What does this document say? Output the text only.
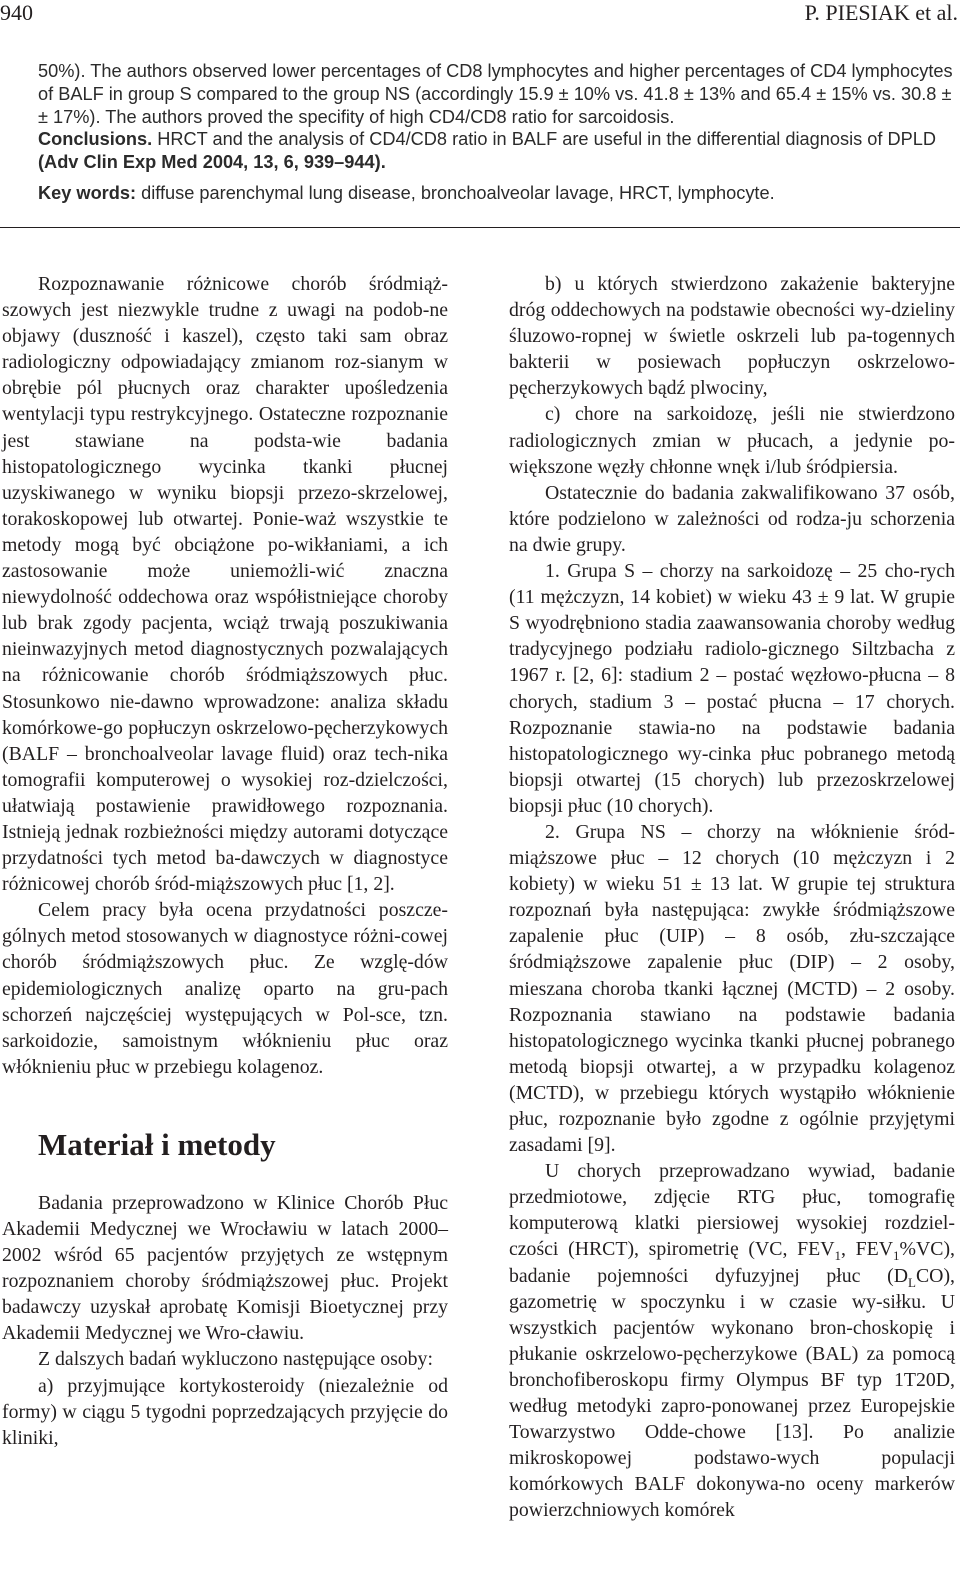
940	P. PIESIAK et al.

50%). The authors observed lower percentages of CD8 lymphocytes and higher percentages of CD4 lymphocytes of BALF in group S compared to the group NS (accordingly 15.9 ± 10% vs. 41.8 ± 13% and 65.4 ± 15% vs. 30.8 ± ± 17%). The authors proved the specifity of high CD4/CD8 ratio for sarcoidosis.

Conclusions. HRCT and the analysis of CD4/CD8 ratio in BALF are useful in the differential diagnosis of DPLD (Adv Clin Exp Med 2004, 13, 6, 939–944).

Key words: diffuse parenchymal lung disease, bronchoalveolar lavage, HRCT, lymphocyte.

Rozpoznawanie różnicowe chorób śródmiąż-szowych jest niezwykle trudne z uwagi na podob-ne objawy (duszność i kaszel), często taki sam obraz radiologiczny odpowiadający zmianom roz-sianym w obrębie pól płucnych oraz charakter upośledzenia wentylacji typu restrykcyjnego. Ostateczne rozpoznanie jest stawiane na podsta-wie badania histopatologicznego wycinka tkanki płucnej uzyskiwanego w wyniku biopsji przezo-skrzelowej, torakoskopowej lub otwartej. Ponie-waż wszystkie te metody mogą być obciążone po-wikłaniami, a ich zastosowanie może uniemożli-wić znaczna niewydolność oddechowa oraz współistniejące choroby lub brak zgody pacjenta, wciąż trwają poszukiwania nieinwazyjnych metod diagnostycznych pozwalających na różnicowanie chorób śródmiąższowych płuc. Stosunkowo nie-dawno wprowadzone: analiza składu komórkowe-go popłuczyn oskrzelowo-pęcherzykowych (BALF – bronchoalveolar lavage fluid) oraz tech-nika tomografii komputerowej o wysokiej roz-dzielczości, ułatwiają postawienie prawidłowego rozpoznania. Istnieją jednak rozbieżności między autorami dotyczące przydatności tych metod ba-dawczych w diagnostyce różnicowej chorób śród-miąższowych płuc [1, 2].

Celem pracy była ocena przydatności poszcze-gólnych metod stosowanych w diagnostyce różni-cowej chorób śródmiąższowych płuc. Ze wzglę-dów epidemiologicznych analizę oparto na gru-pach schorzeń najczęściej występujących w Pol-sce, tzn. sarkoidozie, samoistnym włóknieniu płuc oraz włóknieniu płuc w przebiegu kolagenoz.

Materiał i metody

Badania przeprowadzono w Klinice Chorób Płuc Akademii Medycznej we Wrocławiu w latach 2000–2002 wśród 65 pacjentów przyjętych ze wstępnym rozpoznaniem choroby śródmiąższowej płuc. Projekt badawczy uzyskał aprobatę Komisji Bioetycznej przy Akademii Medycznej we Wro-cławiu.

Z dalszych badań wykluczono następujące osoby:

a) przyjmujące kortykosteroidy (niezależnie od formy) w ciągu 5 tygodni poprzedzających przyjęcie do kliniki,

b) u których stwierdzono zakażenie bakteryjne dróg oddechowych na podstawie obecności wy-dzieliny śluzowo-ropnej w świetle oskrzeli lub pa-togennych bakterii w posiewach popłuczyn oskrzelowo-pęcherzykowych bądź plwociny,

c) chore na sarkoidozę, jeśli nie stwierdzono radiologicznych zmian w płucach, a jedynie po-większone węzły chłonne wnęk i/lub śródpiersia.

Ostatecznie do badania zakwalifikowano 37 osób, które podzielono w zależności od rodza-ju schorzenia na dwie grupy.

1. Grupa S – chorzy na sarkoidozę – 25 cho-rych (11 mężczyzn, 14 kobiet) w wieku 43 ± 9 lat. W grupie S wyodrębniono stadia zaawansowania choroby według tradycyjnego podziału radiolo-gicznego Siltzbacha z 1967 r. [2, 6]: stadium 2 – postać węzłowo-płucna – 8 chorych, stadium 3 – postać płucna – 17 chorych. Rozpoznanie stawia-no na podstawie badania histopatologicznego wy-cinka płuc pobranego metodą biopsji otwartej (15 chorych) lub przezoskrzelowej biopsji płuc (10 chorych).

2. Grupa NS – chorzy na włóknienie śród-miąższowe płuc – 12 chorych (10 mężczyzn i 2 kobiety) w wieku 51 ± 13 lat. W grupie tej struktura rozpoznań była następująca: zwykłe śródmiąższowe zapalenie płuc (UIP) – 8 osób, złu-szczające śródmiąższowe zapalenie płuc (DIP) – 2 osoby, mieszana choroba tkanki łącznej (MCTD) – 2 osoby. Rozpoznania stawiano na podstawie badania histopatologicznego wycinka tkanki płucnej pobranego metodą biopsji otwartej, a w przypadku kolagenoz (MCTD), w przebiegu których wystąpiło włóknienie płuc, rozpoznanie było zgodne z ogólnie przyjętymi zasadami [9].

U chorych przeprowadzano wywiad, badanie przedmiotowe, zdjęcie RTG płuc, tomografię komputerową klatki piersiowej wysokiej rozdziel-czości (HRCT), spirometrię (VC, $FEV_1$, $FEV_1\%VC$), badanie pojemności dyfuzyjnej płuc $(D_LCO)$, gazometrię w spoczynku i w czasie wy-siłku. U wszystkich pacjentów wykonano bron-choskopię i płukanie oskrzelowo-pęcherzykowe (BAL) za pomocą bronchofiberoskopu firmy Olympus BF typ 1T20D, według metodyki zapro-ponowanej przez Europejskie Towarzystwo Odde-chowe [13]. Po analizie mikroskopowej podstawo-wych populacji komórkowych BALF dokonywa-no oceny markerów powierzchniowych komórek
